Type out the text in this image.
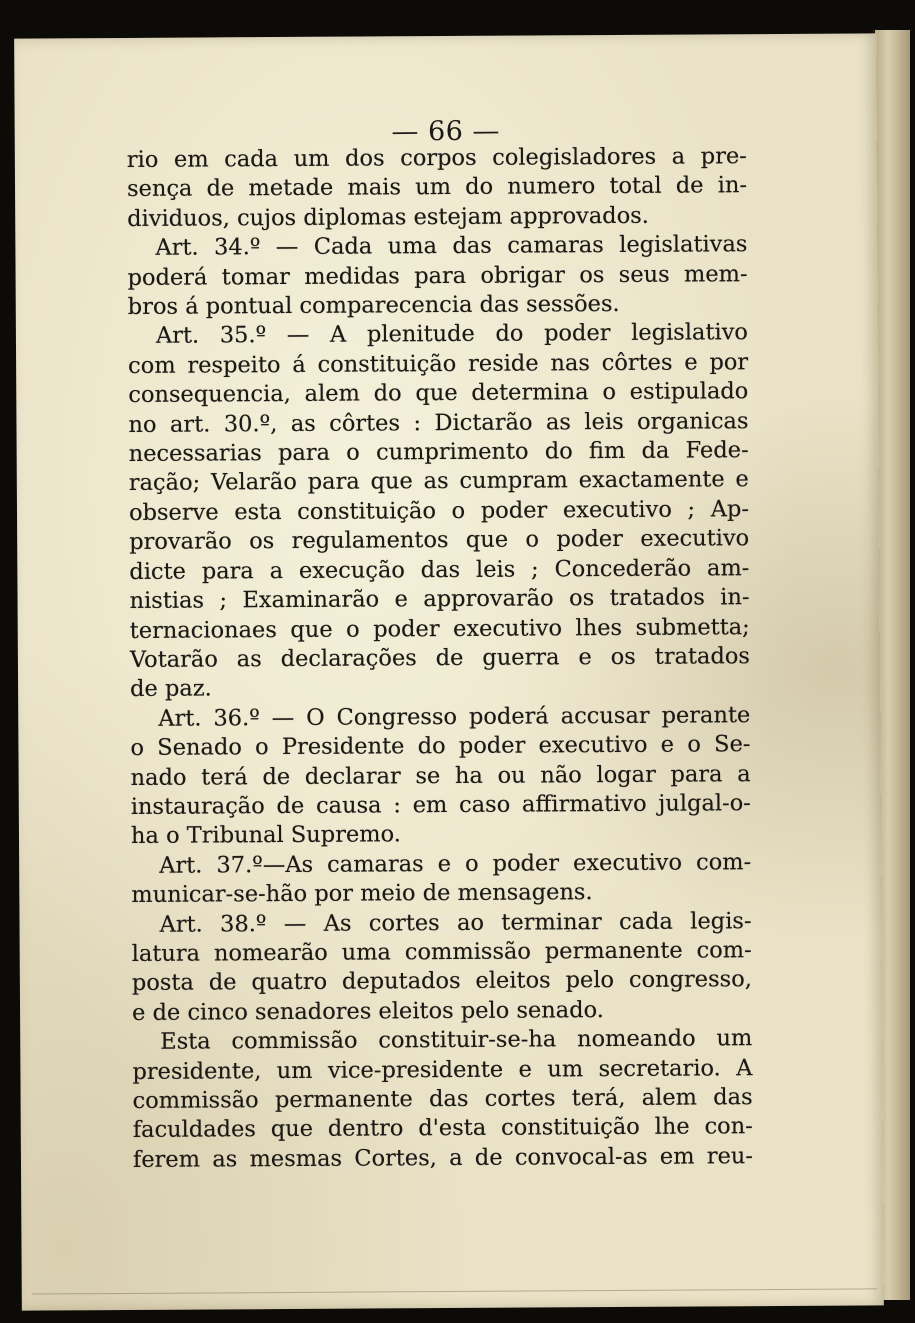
— 66 —
rio em cada um dos corpos colegisladores a pre-
sença de metade mais um do numero total de in-
dividuos, cujos diplomas estejam approvados.
Art. 34.º — Cada uma das camaras legislativas
poderá tomar medidas para obrigar os seus mem-
bros á pontual comparecencia das sessões.
Art. 35.º — A plenitude do poder legislativo
com respeito á constituição reside nas côrtes e por
consequencia, alem do que determina o estipulado
no art. 30.º, as côrtes : Dictarão as leis organicas
necessarias para o cumprimento do fim da Fede-
ração; Velarão para que as cumpram exactamente e
observe esta constituição o poder executivo ; Ap-
provarão os regulamentos que o poder executivo
dicte para a execução das leis ; Concederão am-
nistias ; Examinarão e approvarão os tratados in-
ternacionaes que o poder executivo lhes submetta;
Votarão as declarações de guerra e os tratados
de paz.
Art. 36.º — O Congresso poderá accusar perante
o Senado o Presidente do poder executivo e o Se-
nado terá de declarar se ha ou não logar para a
instauração de causa : em caso affirmativo julgal-o-
ha o Tribunal Supremo.
Art. 37.º—As camaras e o poder executivo com-
municar-se-hão por meio de mensagens.
Art. 38.º — As cortes ao terminar cada legis-
latura nomearão uma commissão permanente com-
posta de quatro deputados eleitos pelo congresso,
e de cinco senadores eleitos pelo senado.
Esta commissão constituir-se-ha nomeando um
presidente, um vice-presidente e um secretario. A
commissão permanente das cortes terá, alem das
faculdades que dentro d'esta constituição lhe con-
ferem as mesmas Cortes, a de convocal-as em reu-
